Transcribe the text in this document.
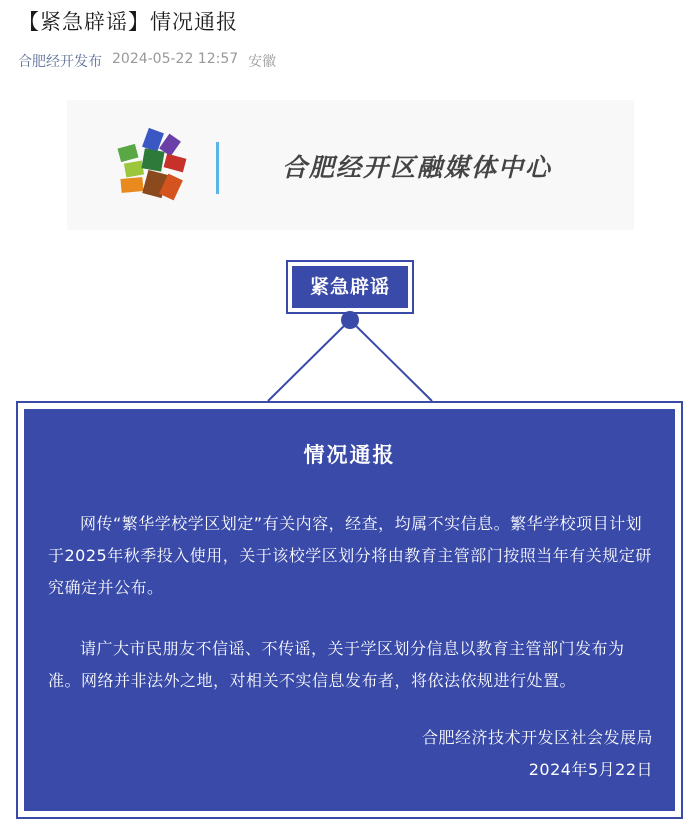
【紧急辟谣】情况通报
合肥经开发布 2024-05-22 12:57 安徽
合肥经开区融媒体中心
紧急辟谣
情况通报
网传“繁华学校学区划定”有关内容，经查，均属不实信息。繁华学校项目计划于2025年秋季投入使用，关于该校学区划分将由教育主管部门按照当年有关规定研究确定并公布。
请广大市民朋友不信谣、不传谣，关于学区划分信息以教育主管部门发布为准。网络并非法外之地，对相关不实信息发布者，将依法依规进行处置。
合肥经济技术开发区社会发展局
2024年5月22日
